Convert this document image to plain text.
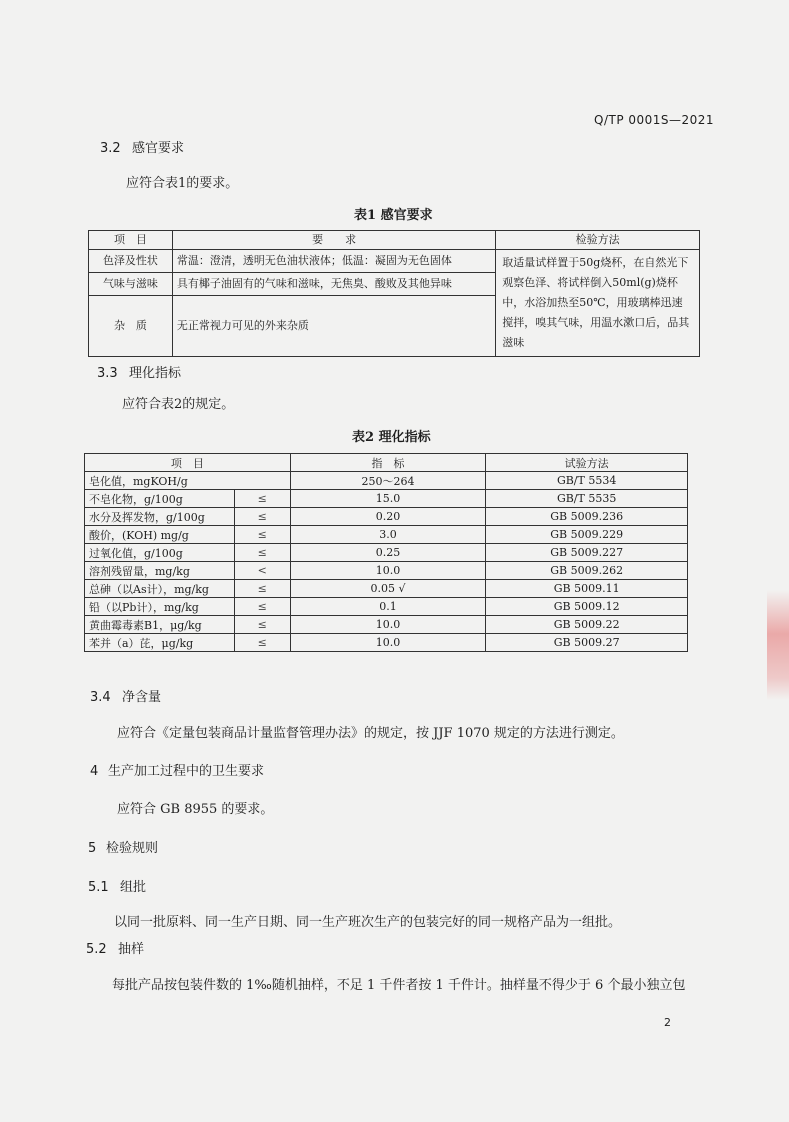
Q/TP 0001S—2021
3.2 感官要求
应符合表1的要求。
表1 感官要求
项　目	要　　求	检验方法
色泽及性状	常温：澄清，透明无色油状液体；低温：凝固为无色固体	取适量试样置于50g烧杯，在自然光下观察色泽、将试样倒入50ml(g)烧杯中，水浴加热至50℃，用玻璃棒迅速搅拌，嗅其气味，用温水漱口后，品其滋味
气味与滋味	具有椰子油固有的气味和滋味，无焦臭、酸败及其他异味	
杂　质	无正常视力可见的外来杂质	
3.3 理化指标
应符合表2的规定。
表2 理化指标
项　目		指　标	试验方法
皂化值，mgKOH/g		250～264	GB/T 5534
不皂化物，g/100g	≤	15.0	GB/T 5535
水分及挥发物，g/100g	≤	0.20	GB 5009.236
酸价，(KOH) mg/g	≤	3.0	GB 5009.229
过氧化值，g/100g	≤	0.25	GB 5009.227
溶剂残留量，mg/kg	<	10.0	GB 5009.262
总砷（以As计），mg/kg	≤	0.05 √	GB 5009.11
铅（以Pb计），mg/kg	≤	0.1	GB 5009.12
黄曲霉毒素B1，μg/kg	≤	10.0	GB 5009.22
苯并（a）芘，μg/kg	≤	10.0	GB 5009.27
3.4 净含量
应符合《定量包装商品计量监督管理办法》的规定，按 JJF 1070 规定的方法进行测定。
4 生产加工过程中的卫生要求
应符合 GB 8955 的要求。
5 检验规则
5.1 组批
以同一批原料、同一生产日期、同一生产班次生产的包装完好的同一规格产品为一组批。
5.2 抽样
每批产品按包装件数的 1‰随机抽样，不足 1 千件者按 1 千件计。抽样量不得少于 6 个最小独立包
2
